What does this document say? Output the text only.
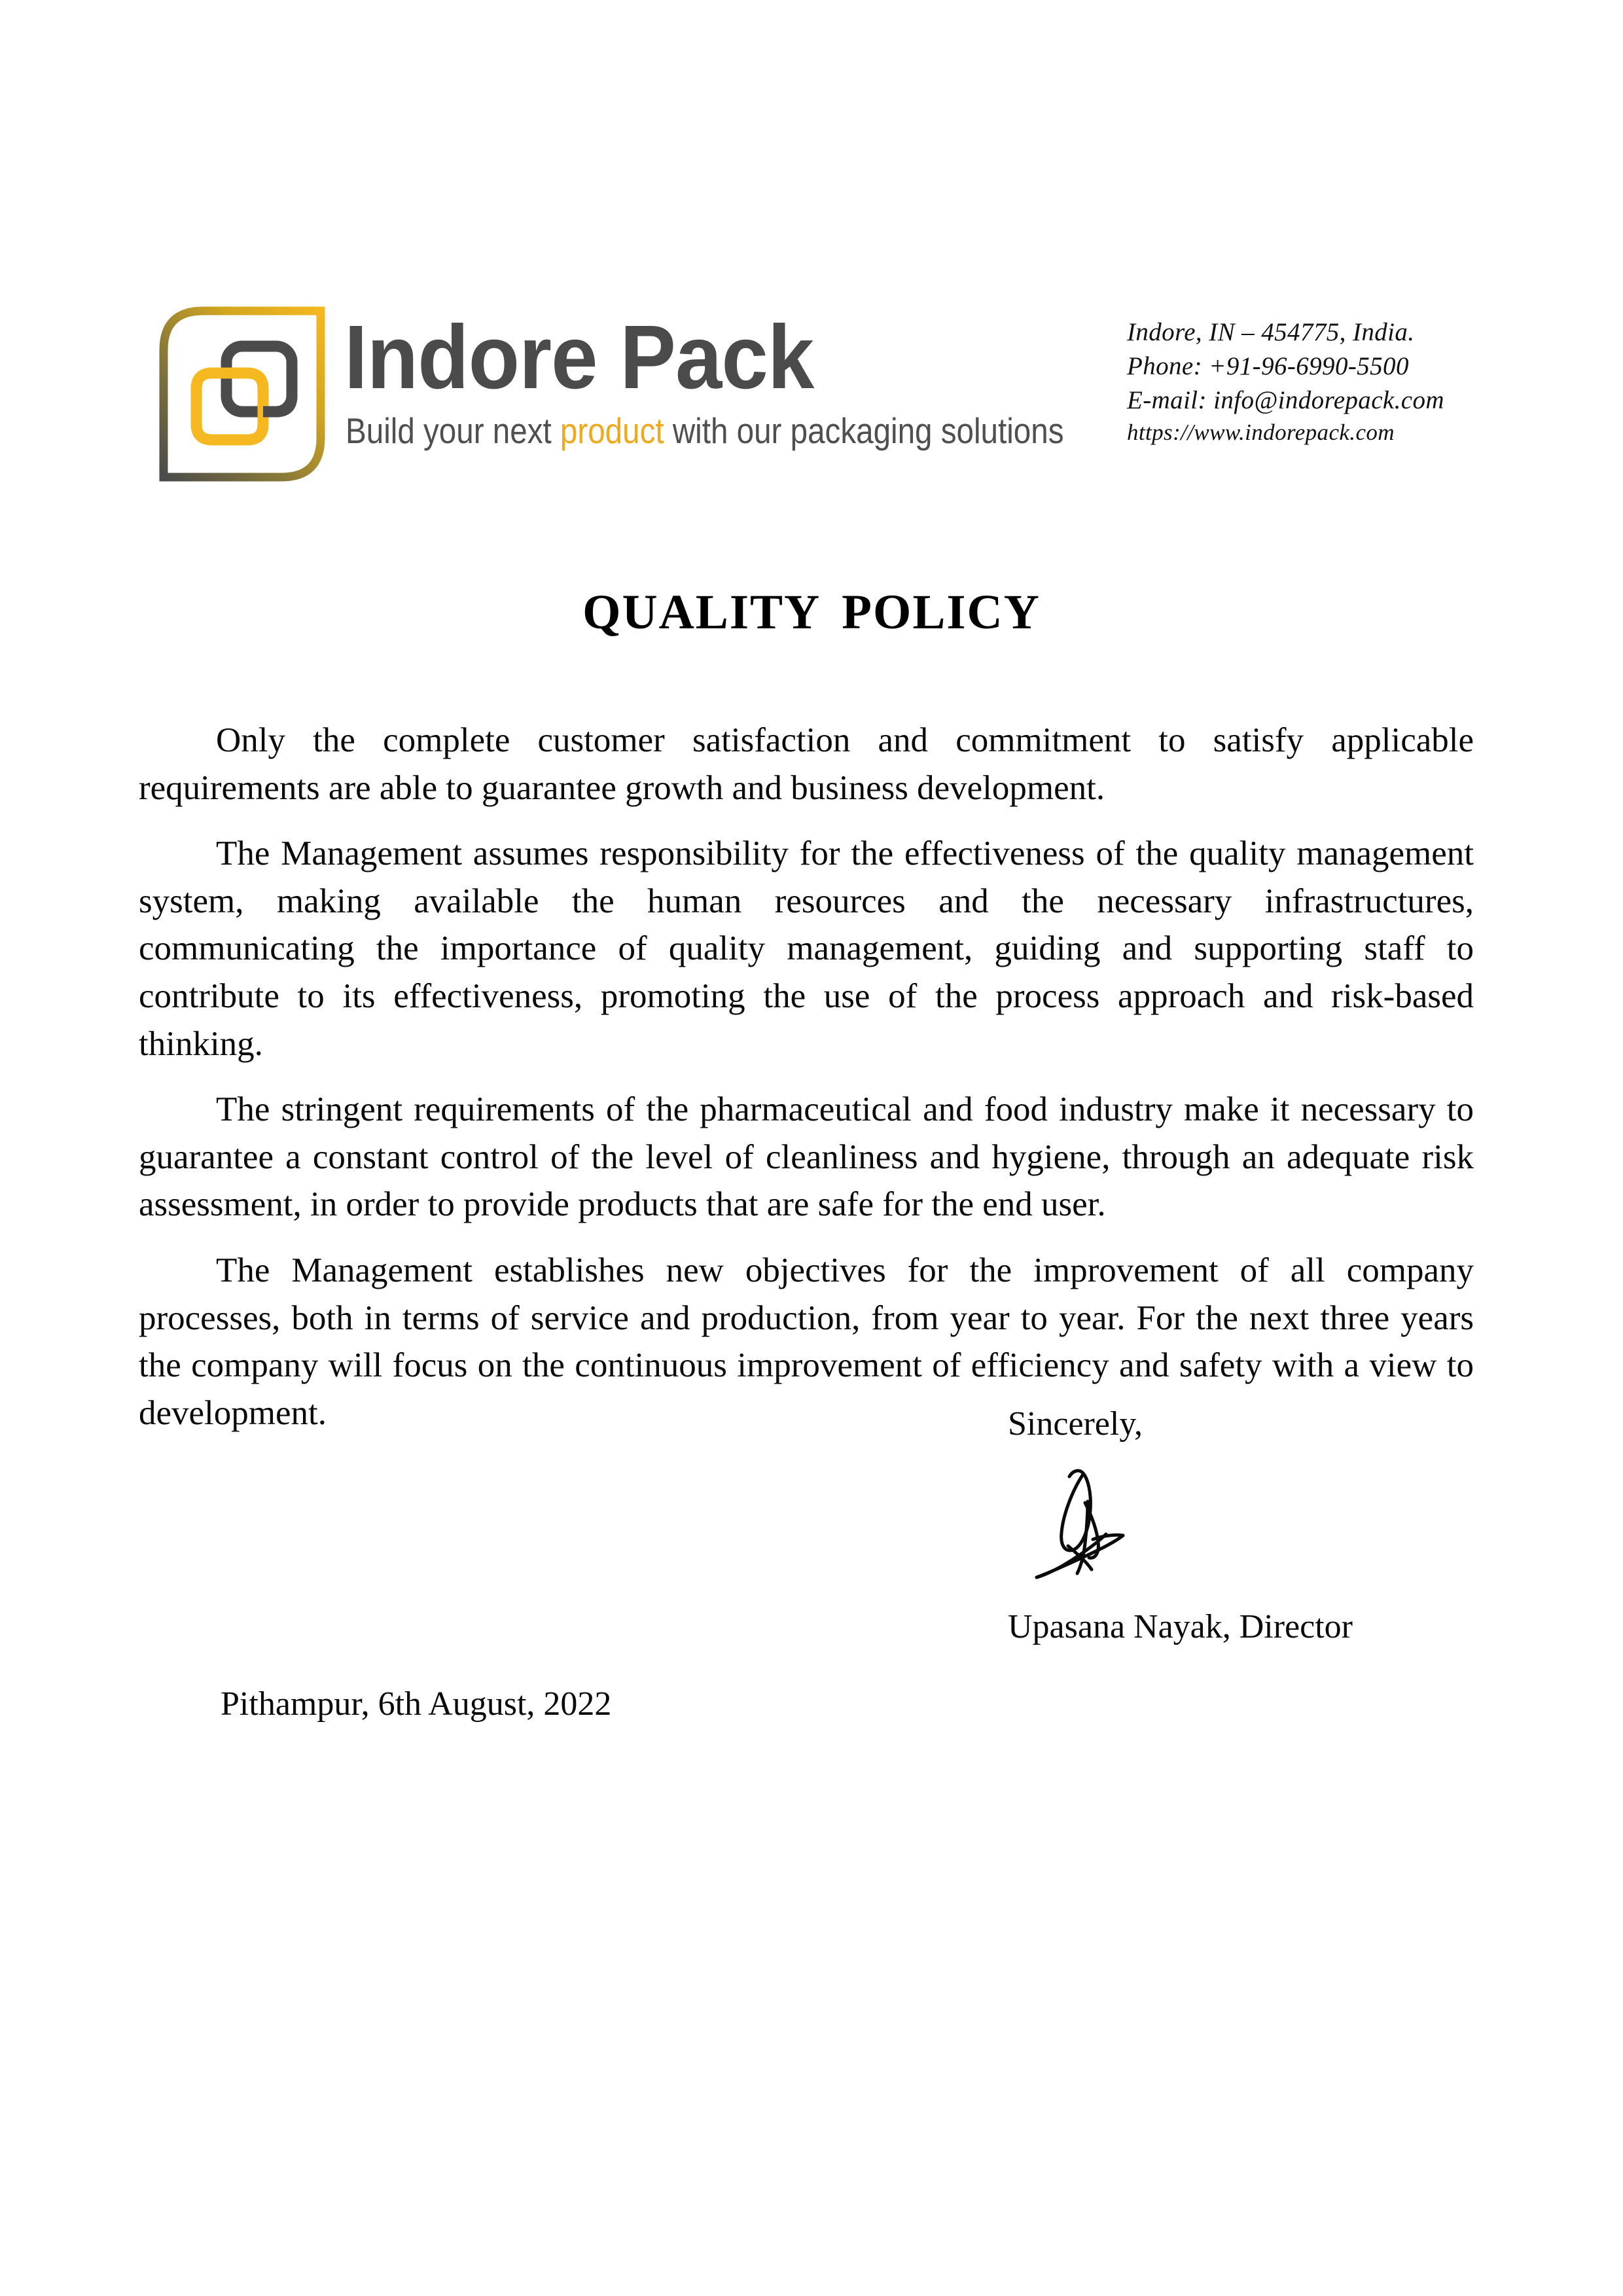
Indore Pack
Build your next product with our packaging solutions
Indore, IN – 454775, India.
Phone: +91-96-6990-5500
E-mail: info@indorepack.com
https://www.indorepack.com
QUALITY POLICY

Only the complete customer satisfaction and commitment to satisfy applicable requirements are able to guarantee growth and business development.

The Management assumes responsibility for the effectiveness of the quality management system, making available the human resources and the necessary infrastructures, communicating the importance of quality management, guiding and supporting staff to contribute to its effectiveness, promoting the use of the process approach and risk-based thinking.

The stringent requirements of the pharmaceutical and food industry make it necessary to guarantee a constant control of the level of cleanliness and hygiene, through an adequate risk assessment, in order to provide products that are safe for the end user.

The Management establishes new objectives for the improvement of all company processes, both in terms of service and production, from year to year. For the next three years the company will focus on the continuous improvement of efficiency and safety with a view to development.	Sincerely,
Upasana Nayak, Director
Pithampur, 6th August, 2022
